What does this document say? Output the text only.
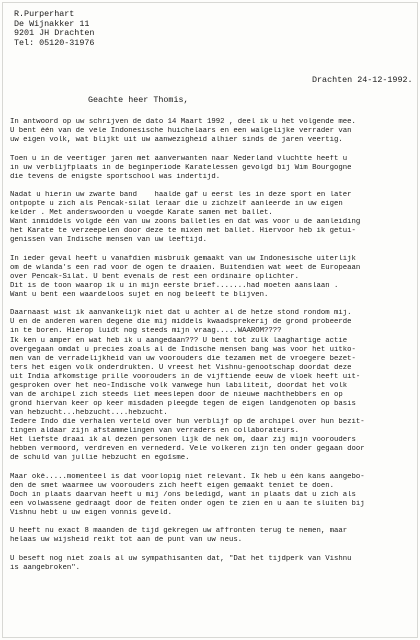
R.Purperhart
De Wijnakker 11
9201 JH Drachten
Tel: 05120-31976
Drachten 24-12-1992.
Geachte heer Thomis,
In antwoord op uw schrijven de dato 14 Maart 1992 , deel ik u het volgende mee.
U bent één van de vele Indonesische huichelaars en een walgelijke verrader van
uw eigen volk, wat blijkt uit uw aanwezigheid alhier sinds de jaren veertig.
Toen u in de veertiger jaren met aanverwanten naar Nederland vluchtte heeft u
in uw verblijfplaats in de beginperiode Karatelessen gevolgd bij Wim Bourgogne
die tevens de enigste sportschool was indertijd.
Nadat u hierin uw zwarte band    haalde gaf u eerst les in deze sport en later
ontpopte u zich als Pencak-silat leraar die u zichzelf aanleerde in uw eigen
kelder . Met anderswoorden u voegde Karate samen met ballet.
Want inmiddels volgde één van uw zoons balletles en dat was voor u de aanleiding
het Karate te verzeepelen door deze te mixen met ballet. Hiervoor heb ik getui-
genissen van Indische mensen van uw leeftijd.
In ieder geval heeft u vanafdien misbruik gemaakt van uw Indonesische uiterlijk
om de wlanda's een rad voor de ogen te draaien. Buitendien wat weet de Europeaan
over Pencak-Silat. U bent evenals de rest een ordinaire oplichter.
Dit is de toon waarop ik u in mijn eerste brief.......had moeten aanslaan .
Want u bent een waardeloos sujet en nog beleeft te blijven.
Daarnaast wist ik aanvankelijk niet dat u achter al de hetze stond rondom mij.
U en de anderen waren degene die mij middels kwaadsprekerij de grond probeerde
in te boren. Hierop luidt nog steeds mijn vraag.....WAAROM????
Ik ken u amper en wat heb ik u aangedaan??? U bent tot zulk laaghartige actie
overgegaan omdat u precies zoals al de Indische mensen bang was voor het uitko-
men van de verradelijkheid van uw voorouders die tezamen met de vroegere bezet-
ters het eigen volk onderdrukten. U vreest het Vishnu-genootschap doordat deze
uit India afkomstige prille voorouders in de vijftiende eeuw de vloek heeft uit-
gesproken over het neo-Indische volk vanwege hun labiliteit, doordat het volk
van de archipel zich steeds liet meeslepen door de nieuwe machthebbers en op
grond hiervan keer op keer misdaden pleegde tegen de eigen landgenoten op basis
van hebzucht...hebzucht....hebzucht.
Iedere Indo die verhalen verteld over hun verblijf op de archipel over hun bezit-
tingen aldaar zijn afstammelingen van verraders en collaborateurs.
Het liefste draai ik al dezen personen lijk de nek om, daar zij mijn voorouders
hebben vermoord, verdreven en vernederd. Vele volkeren zijn ten onder gegaan door
de schuld van jullie hebzucht en egoïsme.
Maar oké.....momenteel is dat voorlopig niet relevant. Ik heb u één kans aangebo-
den de smet waarmee uw voorouders zich heeft eigen gemaakt teniet te doen.
Doch in plaats daarvan heeft u mij /ons beledigd, want in plaats dat u zich als
een volwassene gedraagt door de feiten onder ogen te zien en u aan te sluiten bij
Vishnu hebt u uw eigen vonnis geveld.
U heeft nu exact 8 maanden de tijd gekregen uw affronten terug te nemen, maar
helaas uw wijsheid reikt tot aan de punt van uw neus.
U beseft nog niet zoals al uw sympathisanten dat, "Dat het tijdperk van Vishnu
is aangebroken".
